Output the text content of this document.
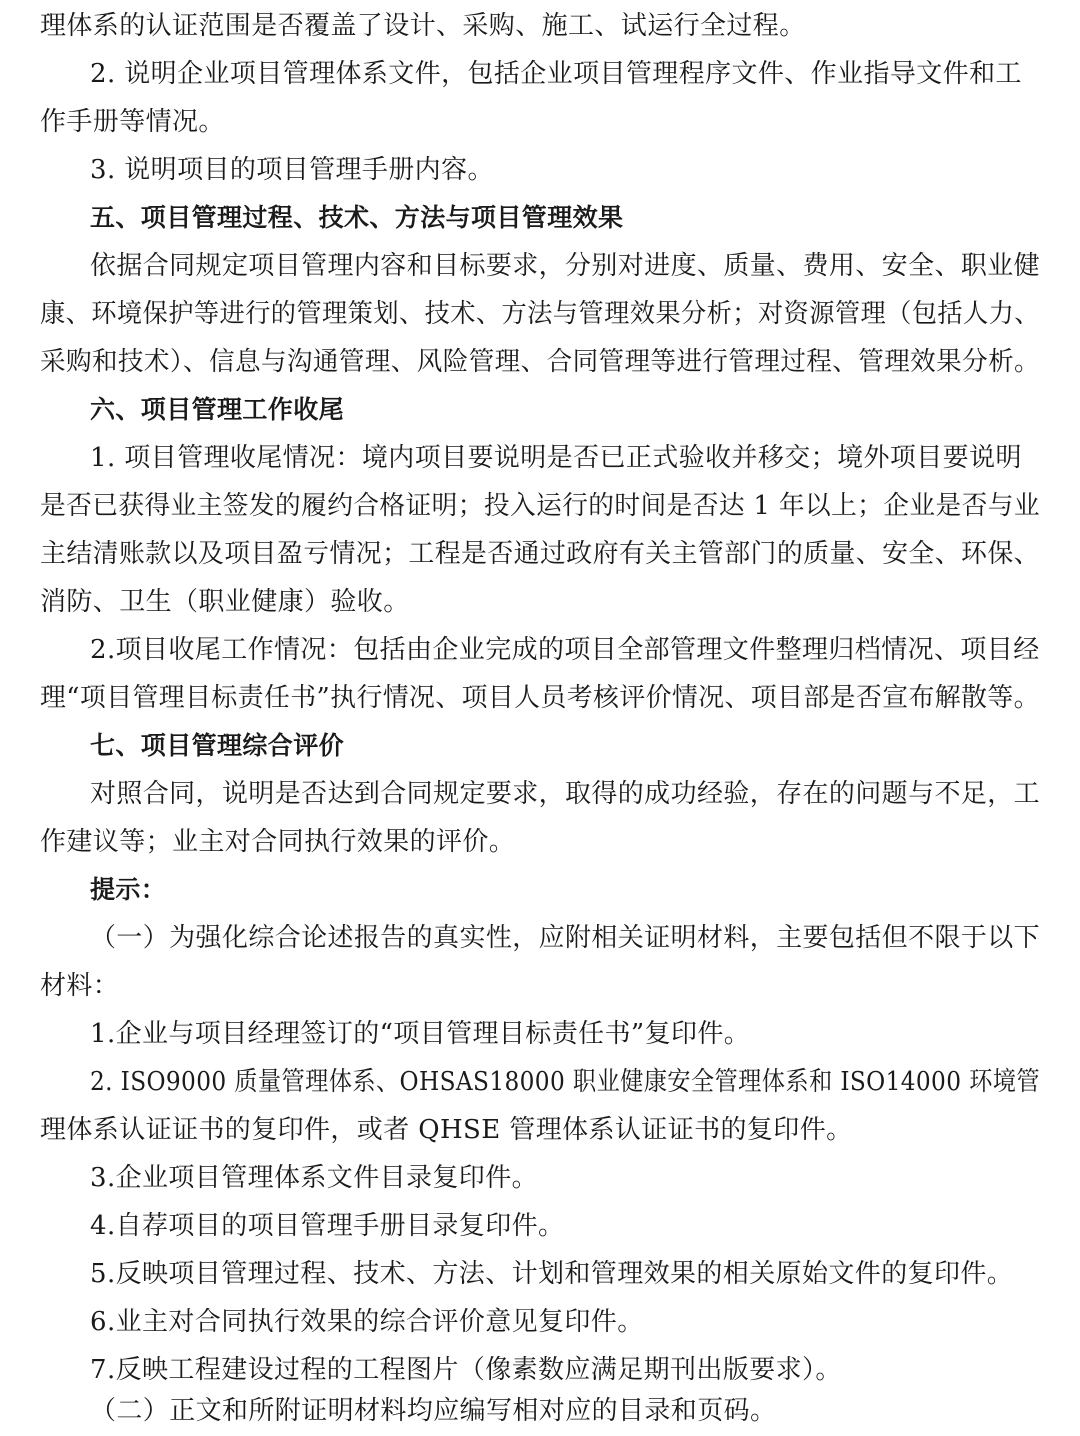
理体系的认证范围是否覆盖了设计、采购、施工、试运行全过程。
2. 说明企业项目管理体系文件，包括企业项目管理程序文件、作业指导文件和工
作手册等情况。
3. 说明项目的项目管理手册内容。
五、项目管理过程、技术、方法与项目管理效果
依据合同规定项目管理内容和目标要求，分别对进度、质量、费用、安全、职业健
康、环境保护等进行的管理策划、技术、方法与管理效果分析；对资源管理（包括人力、
采购和技术）、信息与沟通管理、风险管理、合同管理等进行管理过程、管理效果分析。
六、项目管理工作收尾
1. 项目管理收尾情况：境内项目要说明是否已正式验收并移交；境外项目要说明
是否已获得业主签发的履约合格证明；投入运行的时间是否达 1 年以上；企业是否与业
主结清账款以及项目盈亏情况；工程是否通过政府有关主管部门的质量、安全、环保、
消防、卫生（职业健康）验收。
2.项目收尾工作情况：包括由企业完成的项目全部管理文件整理归档情况、项目经
理“项目管理目标责任书”执行情况、项目人员考核评价情况、项目部是否宣布解散等。
七、项目管理综合评价
对照合同，说明是否达到合同规定要求，取得的成功经验，存在的问题与不足，工
作建议等；业主对合同执行效果的评价。
提示：
（一）为强化综合论述报告的真实性，应附相关证明材料，主要包括但不限于以下
材料：
1.企业与项目经理签订的“项目管理目标责任书”复印件。
2. ISO9000 质量管理体系、OHSAS18000 职业健康安全管理体系和 ISO14000 环境管
理体系认证证书的复印件，或者 QHSE 管理体系认证证书的复印件。
3.企业项目管理体系文件目录复印件。
4.自荐项目的项目管理手册目录复印件。
5.反映项目管理过程、技术、方法、计划和管理效果的相关原始文件的复印件。
6.业主对合同执行效果的综合评价意见复印件。
7.反映工程建设过程的工程图片（像素数应满足期刊出版要求）。
（二）正文和所附证明材料均应编写相对应的目录和页码。
